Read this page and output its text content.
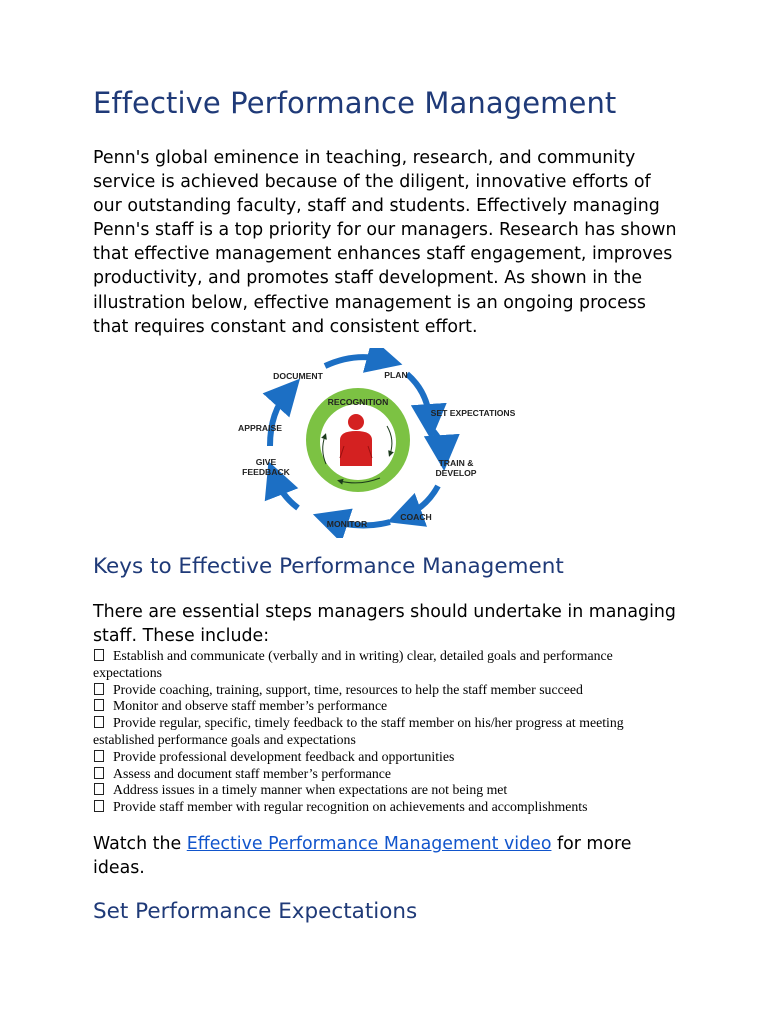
Effective Performance Management

Penn's global eminence in teaching, research, and community service is achieved because of the diligent, innovative efforts of our outstanding faculty, staff and students. Effectively managing Penn's staff is a top priority for our managers. Research has shown that effective management enhances staff engagement, improves productivity, and promotes staff development. As shown in the illustration below, effective management is an ongoing process that requires constant and consistent effort.

RECOGNITION
PLAN
SET EXPECTATIONS
TRAIN &
DEVELOP
COACH
MONITOR
GIVE
FEEDBACK
APPRAISE
DOCUMENT
Keys to Effective Performance Management

There are essential steps managers should undertake in managing staff. These include:

Establish and communicate (verbally and in writing) clear, detailed goals and performance expectations
Provide coaching, training, support, time, resources to help the staff member succeed
Monitor and observe staff member’s performance
Provide regular, specific, timely feedback to the staff member on his/her progress at meeting established performance goals and expectations
Provide professional development feedback and opportunities
Assess and document staff member’s performance
Address issues in a timely manner when expectations are not being met
Provide staff member with regular recognition on achievements and accomplishments

Watch the Effective Performance Management video for more ideas.

Set Performance Expectations
